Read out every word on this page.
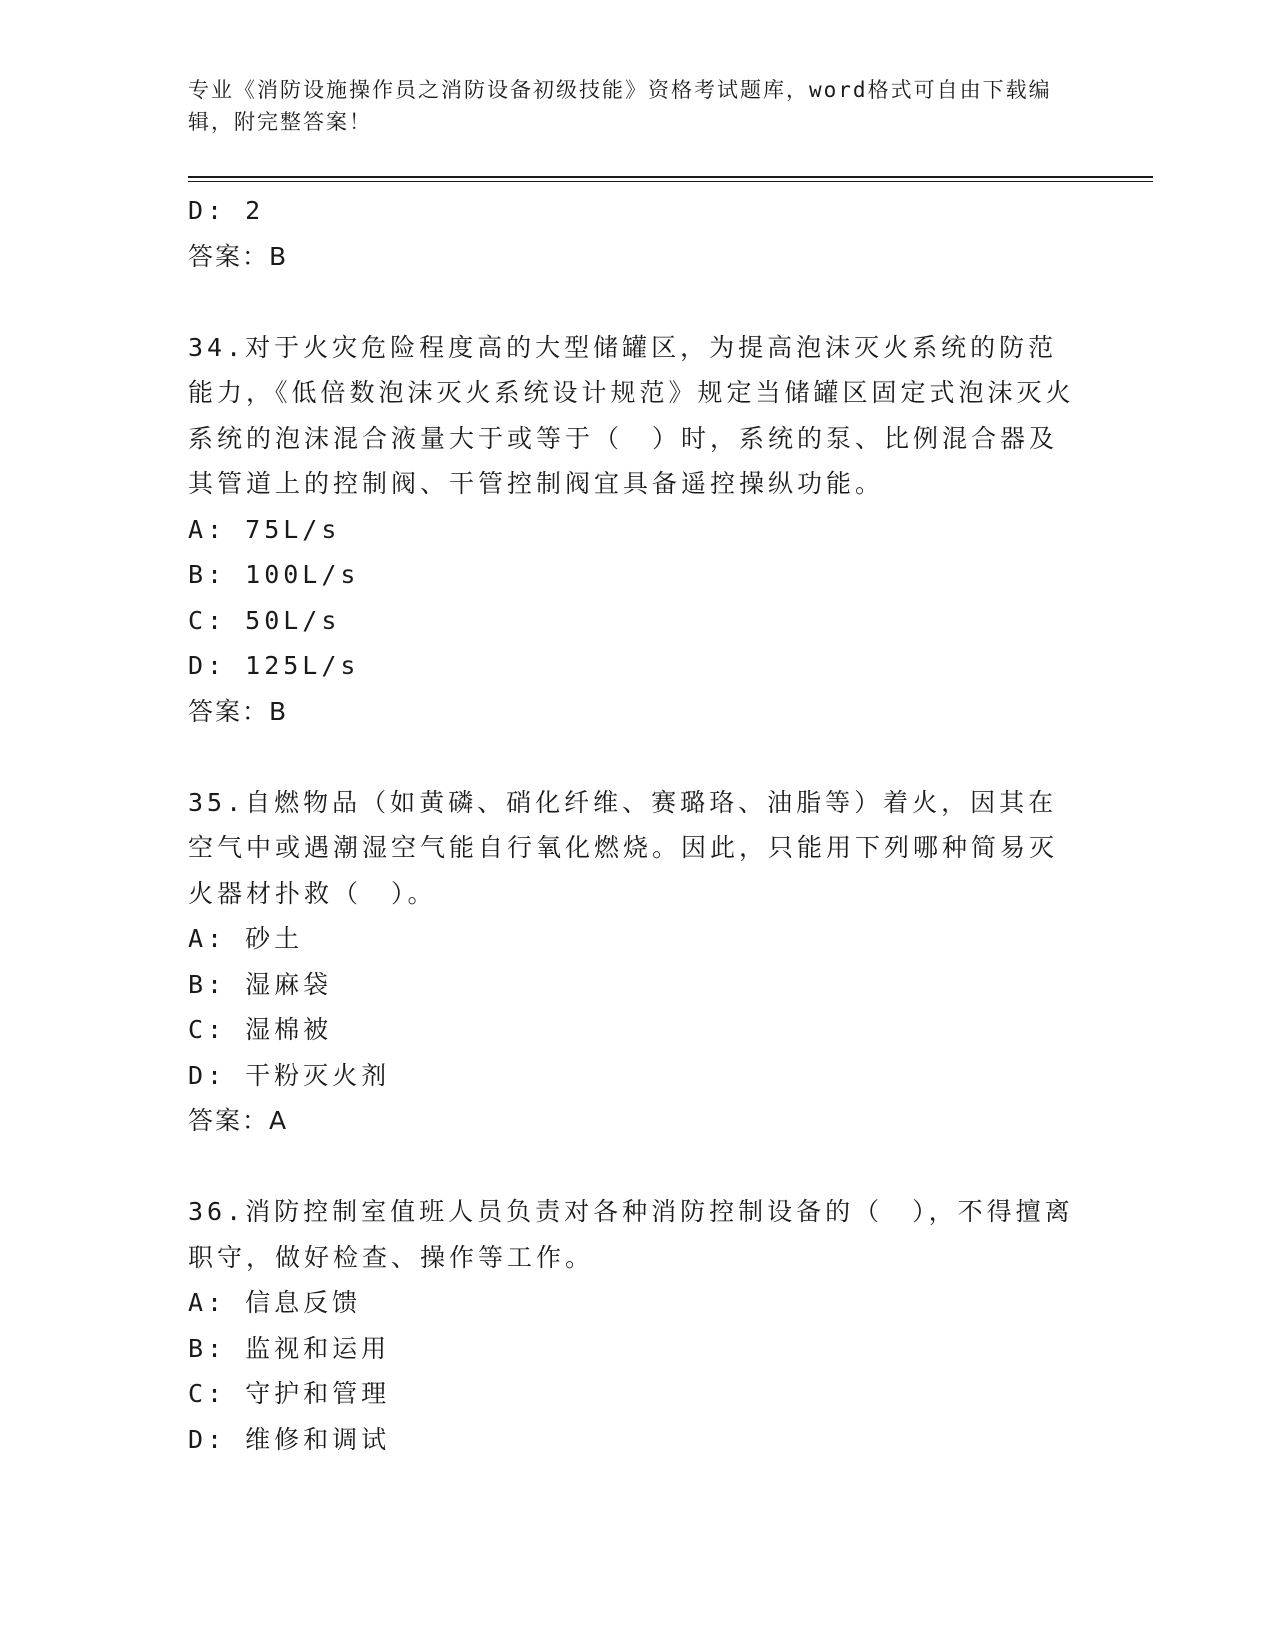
专业《消防设施操作员之消防设备初级技能》资格考试题库，word格式可自由下载编辑，附完整答案！
D: 2
答案：B
34.对于火灾危险程度高的大型储罐区，为提高泡沫灭火系统的防范能力，《低倍数泡沫灭火系统设计规范》规定当储罐区固定式泡沫灭火系统的泡沫混合液量大于或等于（　）时，系统的泵、比例混合器及其管道上的控制阀、干管控制阀宜具备遥控操纵功能。
A: 75L/s
B: 100L/s
C: 50L/s
D: 125L/s
答案：B
35.自燃物品（如黄磷、硝化纤维、赛璐珞、油脂等）着火，因其在空气中或遇潮湿空气能自行氧化燃烧。因此，只能用下列哪种简易灭火器材扑救（　）。
A: 砂土
B: 湿麻袋
C: 湿棉被
D: 干粉灭火剂
答案：A
36.消防控制室值班人员负责对各种消防控制设备的（　），不得擅离职守，做好检查、操作等工作。
A: 信息反馈
B: 监视和运用
C: 守护和管理
D: 维修和调试
